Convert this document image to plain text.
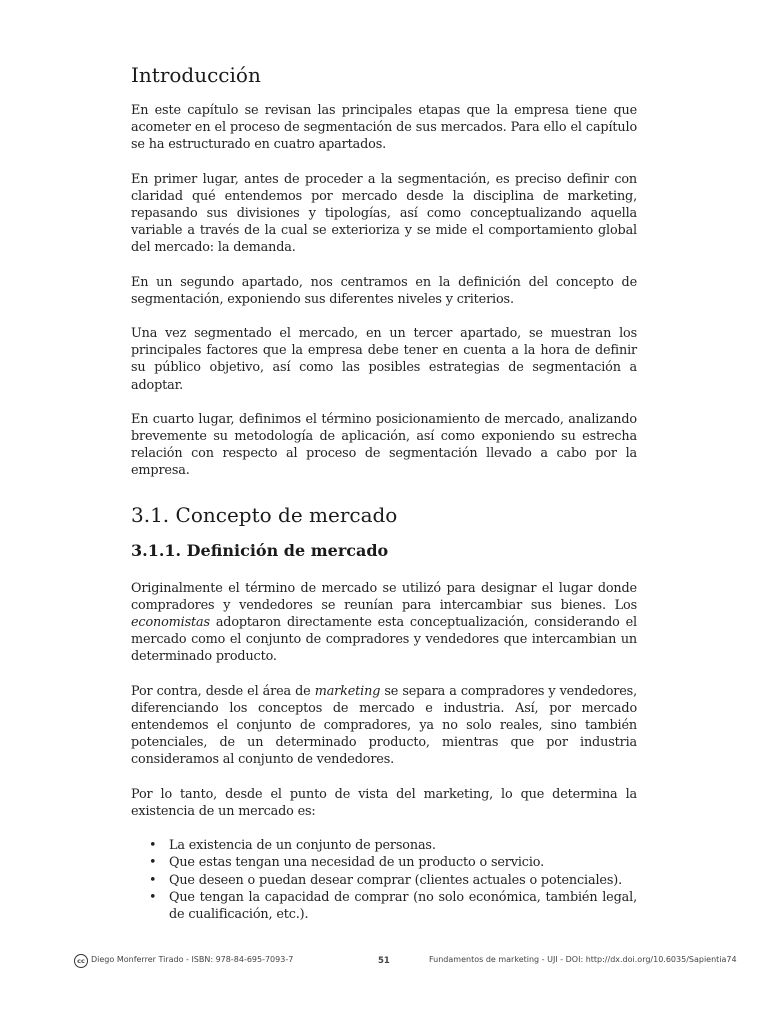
Introducción

En este capítulo se revisan las principales etapas que la empresa tiene que acometer en el proceso de segmentación de sus mercados. Para ello el capítulo se ha estructurado en cuatro apartados.

En primer lugar, antes de proceder a la segmentación, es preciso definir con claridad qué entendemos por mercado desde la disciplina de marketing, repasando sus divisiones y tipologías, así como conceptualizando aquella variable a través de la cual se exterioriza y se mide el comportamiento global del mercado: la demanda.

En un segundo apartado, nos centramos en la definición del concepto de segmentación, exponiendo sus diferentes niveles y criterios.

Una vez segmentado el mercado, en un tercer apartado, se muestran los principales factores que la empresa debe tener en cuenta a la hora de definir su público objetivo, así como las posibles estrategias de segmentación a adoptar.

En cuarto lugar, definimos el término posicionamiento de mercado, analizando brevemente su metodología de aplicación, así como exponiendo su estrecha relación con respecto al proceso de segmentación llevado a cabo por la empresa.

3.1. Concepto de mercado
3.1.1. Definición de mercado

Originalmente el término de mercado se utilizó para designar el lugar donde compradores y vendedores se reunían para intercambiar sus bienes. Los economistas adoptaron directamente esta conceptualización, considerando el mercado como el conjunto de compradores y vendedores que intercambian un determinado producto.

Por contra, desde el área de marketing se separa a compradores y vendedores, diferenciando los conceptos de mercado e industria. Así, por mercado entendemos el conjunto de compradores, ya no solo reales, sino también potenciales, de un determinado producto, mientras que por industria consideramos al conjunto de vendedores.

Por lo tanto, desde el punto de vista del marketing, lo que determina la existencia de un mercado es:

• La existencia de un conjunto de personas.
• Que estas tengan una necesidad de un producto o servicio.
• Que deseen o puedan desear comprar (clientes actuales o potenciales).
• Que tengan la capacidad de comprar (no solo económica, también legal, de cualificación, etc.).
cc Diego Monferrer Tirado - ISBN: 978-84-695-7093-7	51	Fundamentos de marketing - UJI - DOI: http://dx.doi.org/10.6035/Sapientia74
